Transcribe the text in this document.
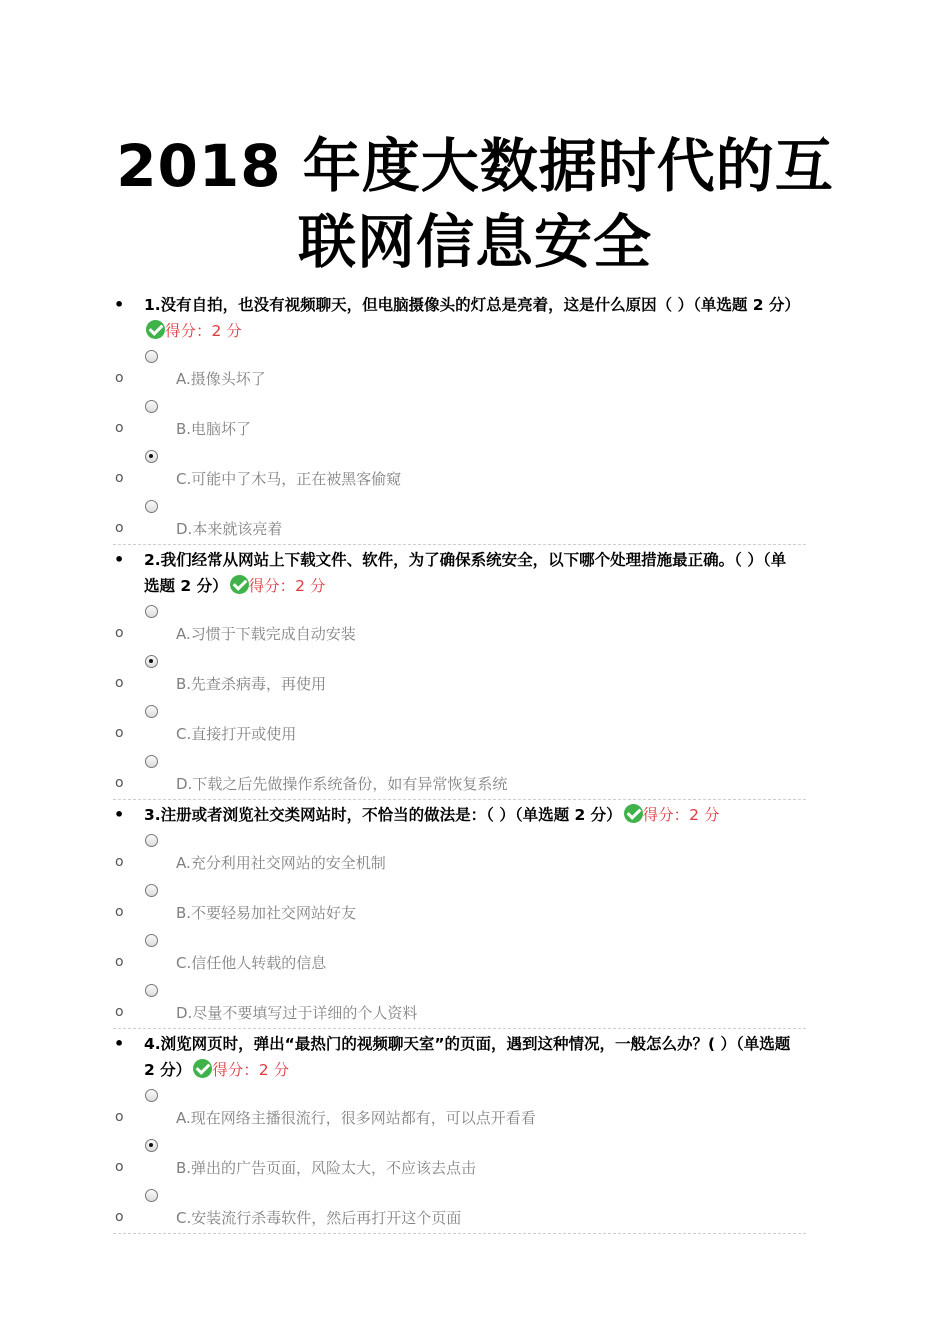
2018 年度大数据时代的互
联网信息安全
• 1.没有自拍，也没有视频聊天，但电脑摄像头的灯总是亮着，这是什么原因（ ）（单选题 2 分）得分：2 分
o	A.摄像头坏了
o	B.电脑坏了
o	C.可能中了木马，正在被黑客偷窥
o	D.本来就该亮着
• 2.我们经常从网站上下载文件、软件，为了确保系统安全，以下哪个处理措施最正确。（ ）（单选题 2 分） 得分：2 分
o	A.习惯于下载完成自动安装
o	B.先查杀病毒，再使用
o	C.直接打开或使用
o	D.下载之后先做操作系统备份，如有异常恢复系统
• 3.注册或者浏览社交类网站时，不恰当的做法是：（ ）（单选题 2 分） 得分：2 分
o	A.充分利用社交网站的安全机制
o	B.不要轻易加社交网站好友
o	C.信任他人转载的信息
o	D.尽量不要填写过于详细的个人资料
• 4.浏览网页时，弹出“最热门的视频聊天室”的页面，遇到这种情况，一般怎么办？( ）（单选题 2 分） 得分：2 分
o	A.现在网络主播很流行，很多网站都有，可以点开看看
o	B.弹出的广告页面，风险太大，不应该去点击
o	C.安装流行杀毒软件，然后再打开这个页面
